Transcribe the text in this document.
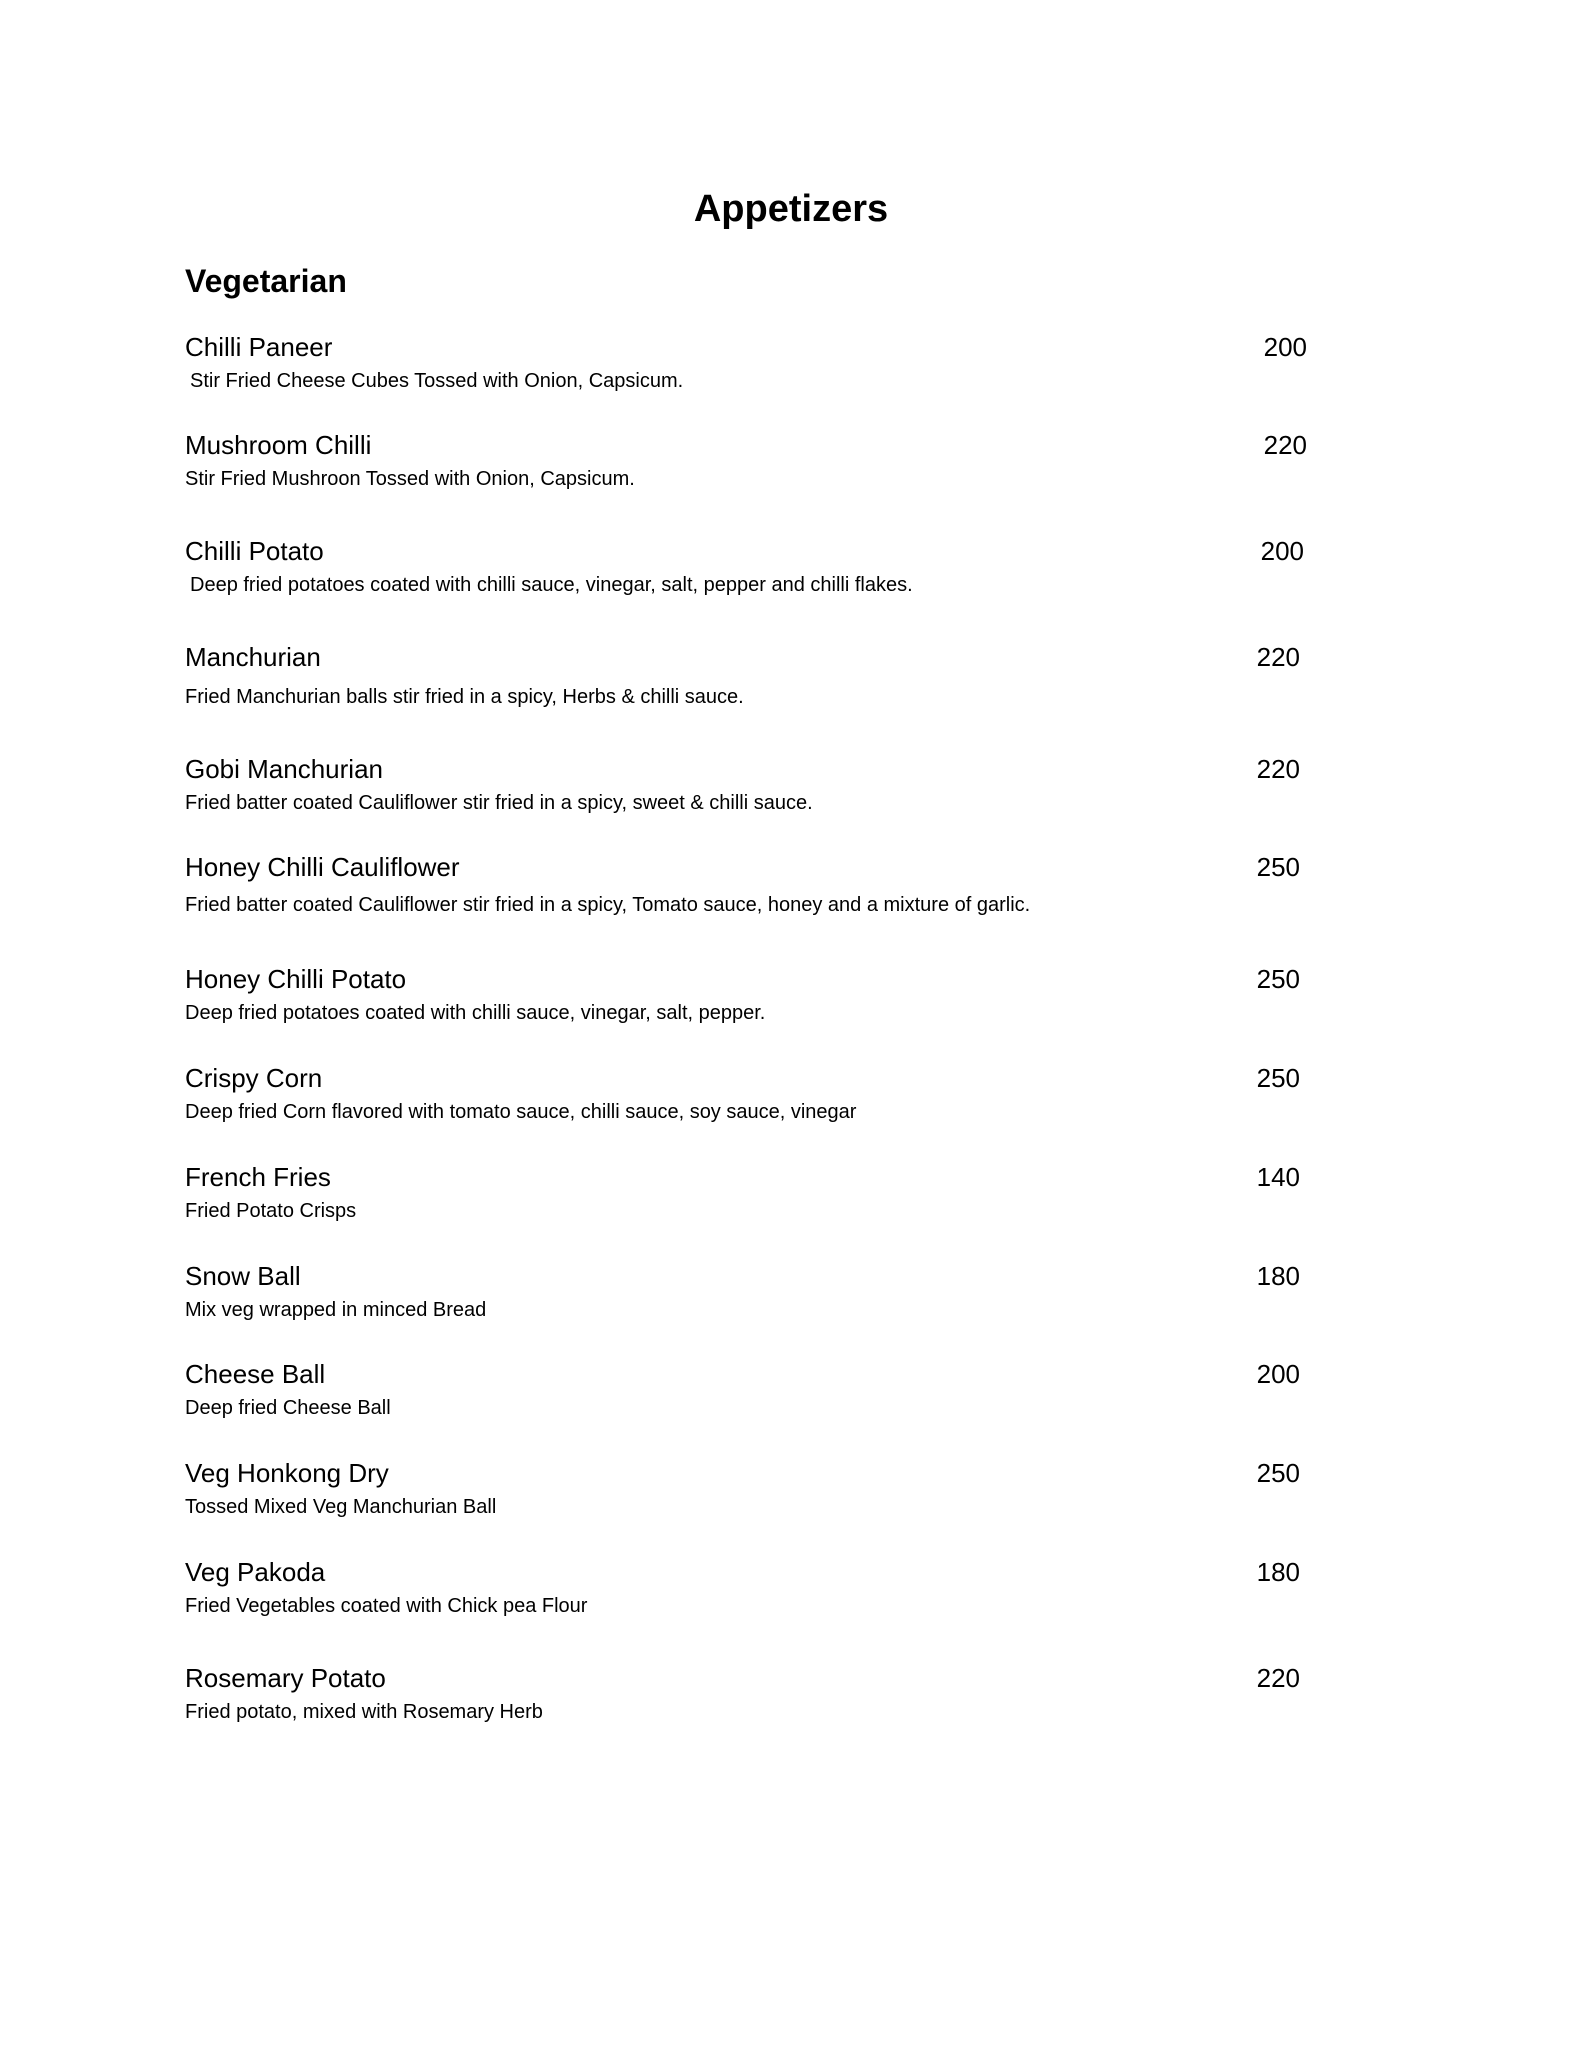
Appetizers
Vegetarian
Chilli Paneer	200
Stir Fried Cheese Cubes Tossed with Onion, Capsicum.
Mushroom Chilli	220
Stir Fried Mushroon Tossed with Onion, Capsicum.
Chilli Potato	200
Deep fried potatoes coated with chilli sauce, vinegar, salt, pepper and chilli flakes.
Manchurian	220
Fried Manchurian balls stir fried in a spicy, Herbs & chilli sauce.
Gobi Manchurian	220
Fried batter coated Cauliflower stir fried in a spicy, sweet & chilli sauce.
Honey Chilli Cauliflower	250
Fried batter coated Cauliflower stir fried in a spicy, Tomato sauce, honey and a mixture of garlic.
Honey Chilli Potato	250
Deep fried potatoes coated with chilli sauce, vinegar, salt, pepper.
Crispy Corn	250
Deep fried Corn flavored with tomato sauce, chilli sauce, soy sauce, vinegar
French Fries	140
Fried Potato Crisps
Snow Ball	180
Mix veg wrapped in minced Bread
Cheese Ball	200
Deep fried Cheese Ball
Veg Honkong Dry	250
Tossed Mixed Veg Manchurian Ball
Veg Pakoda	180
Fried Vegetables coated with Chick pea Flour
Rosemary Potato	220
Fried potato, mixed with Rosemary Herb
